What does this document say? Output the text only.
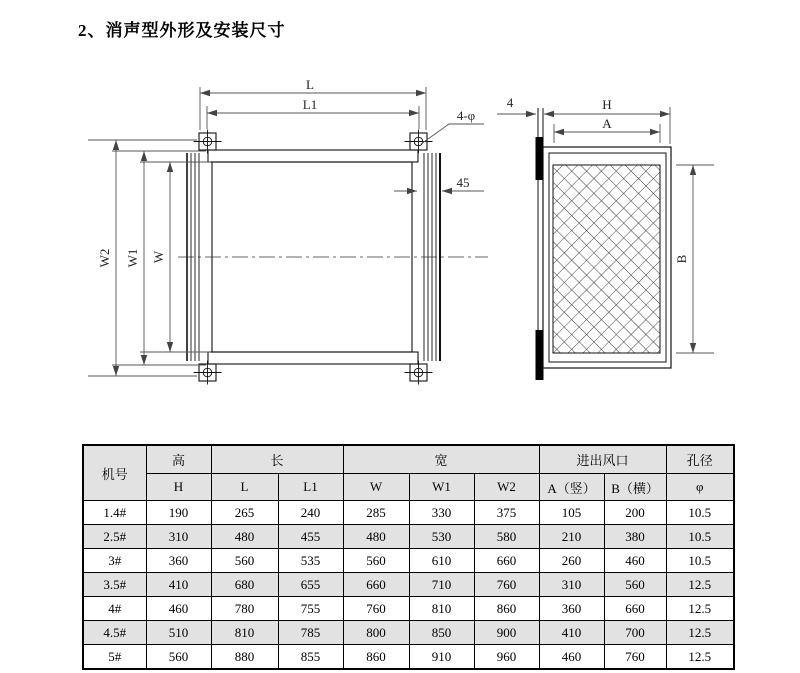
2、消声型外形及安装尺寸
L
L1
4-φ
45
W2 W1 W
4	H
A
B
机号	高	长		宽			进出风口		孔径
	H	L	L1	W	W1	W2	A（竖）	B（横）	φ
1.4#	190	265	240	285	330	375	105	200	10.5
2.5#	310	480	455	480	530	580	210	380	10.5
3#	360	560	535	560	610	660	260	460	10.5
3.5#	410	680	655	660	710	760	310	560	12.5
4#	460	780	755	760	810	860	360	660	12.5
4.5#	510	810	785	800	850	900	410	700	12.5
5#	560	880	855	860	910	960	460	760	12.5
